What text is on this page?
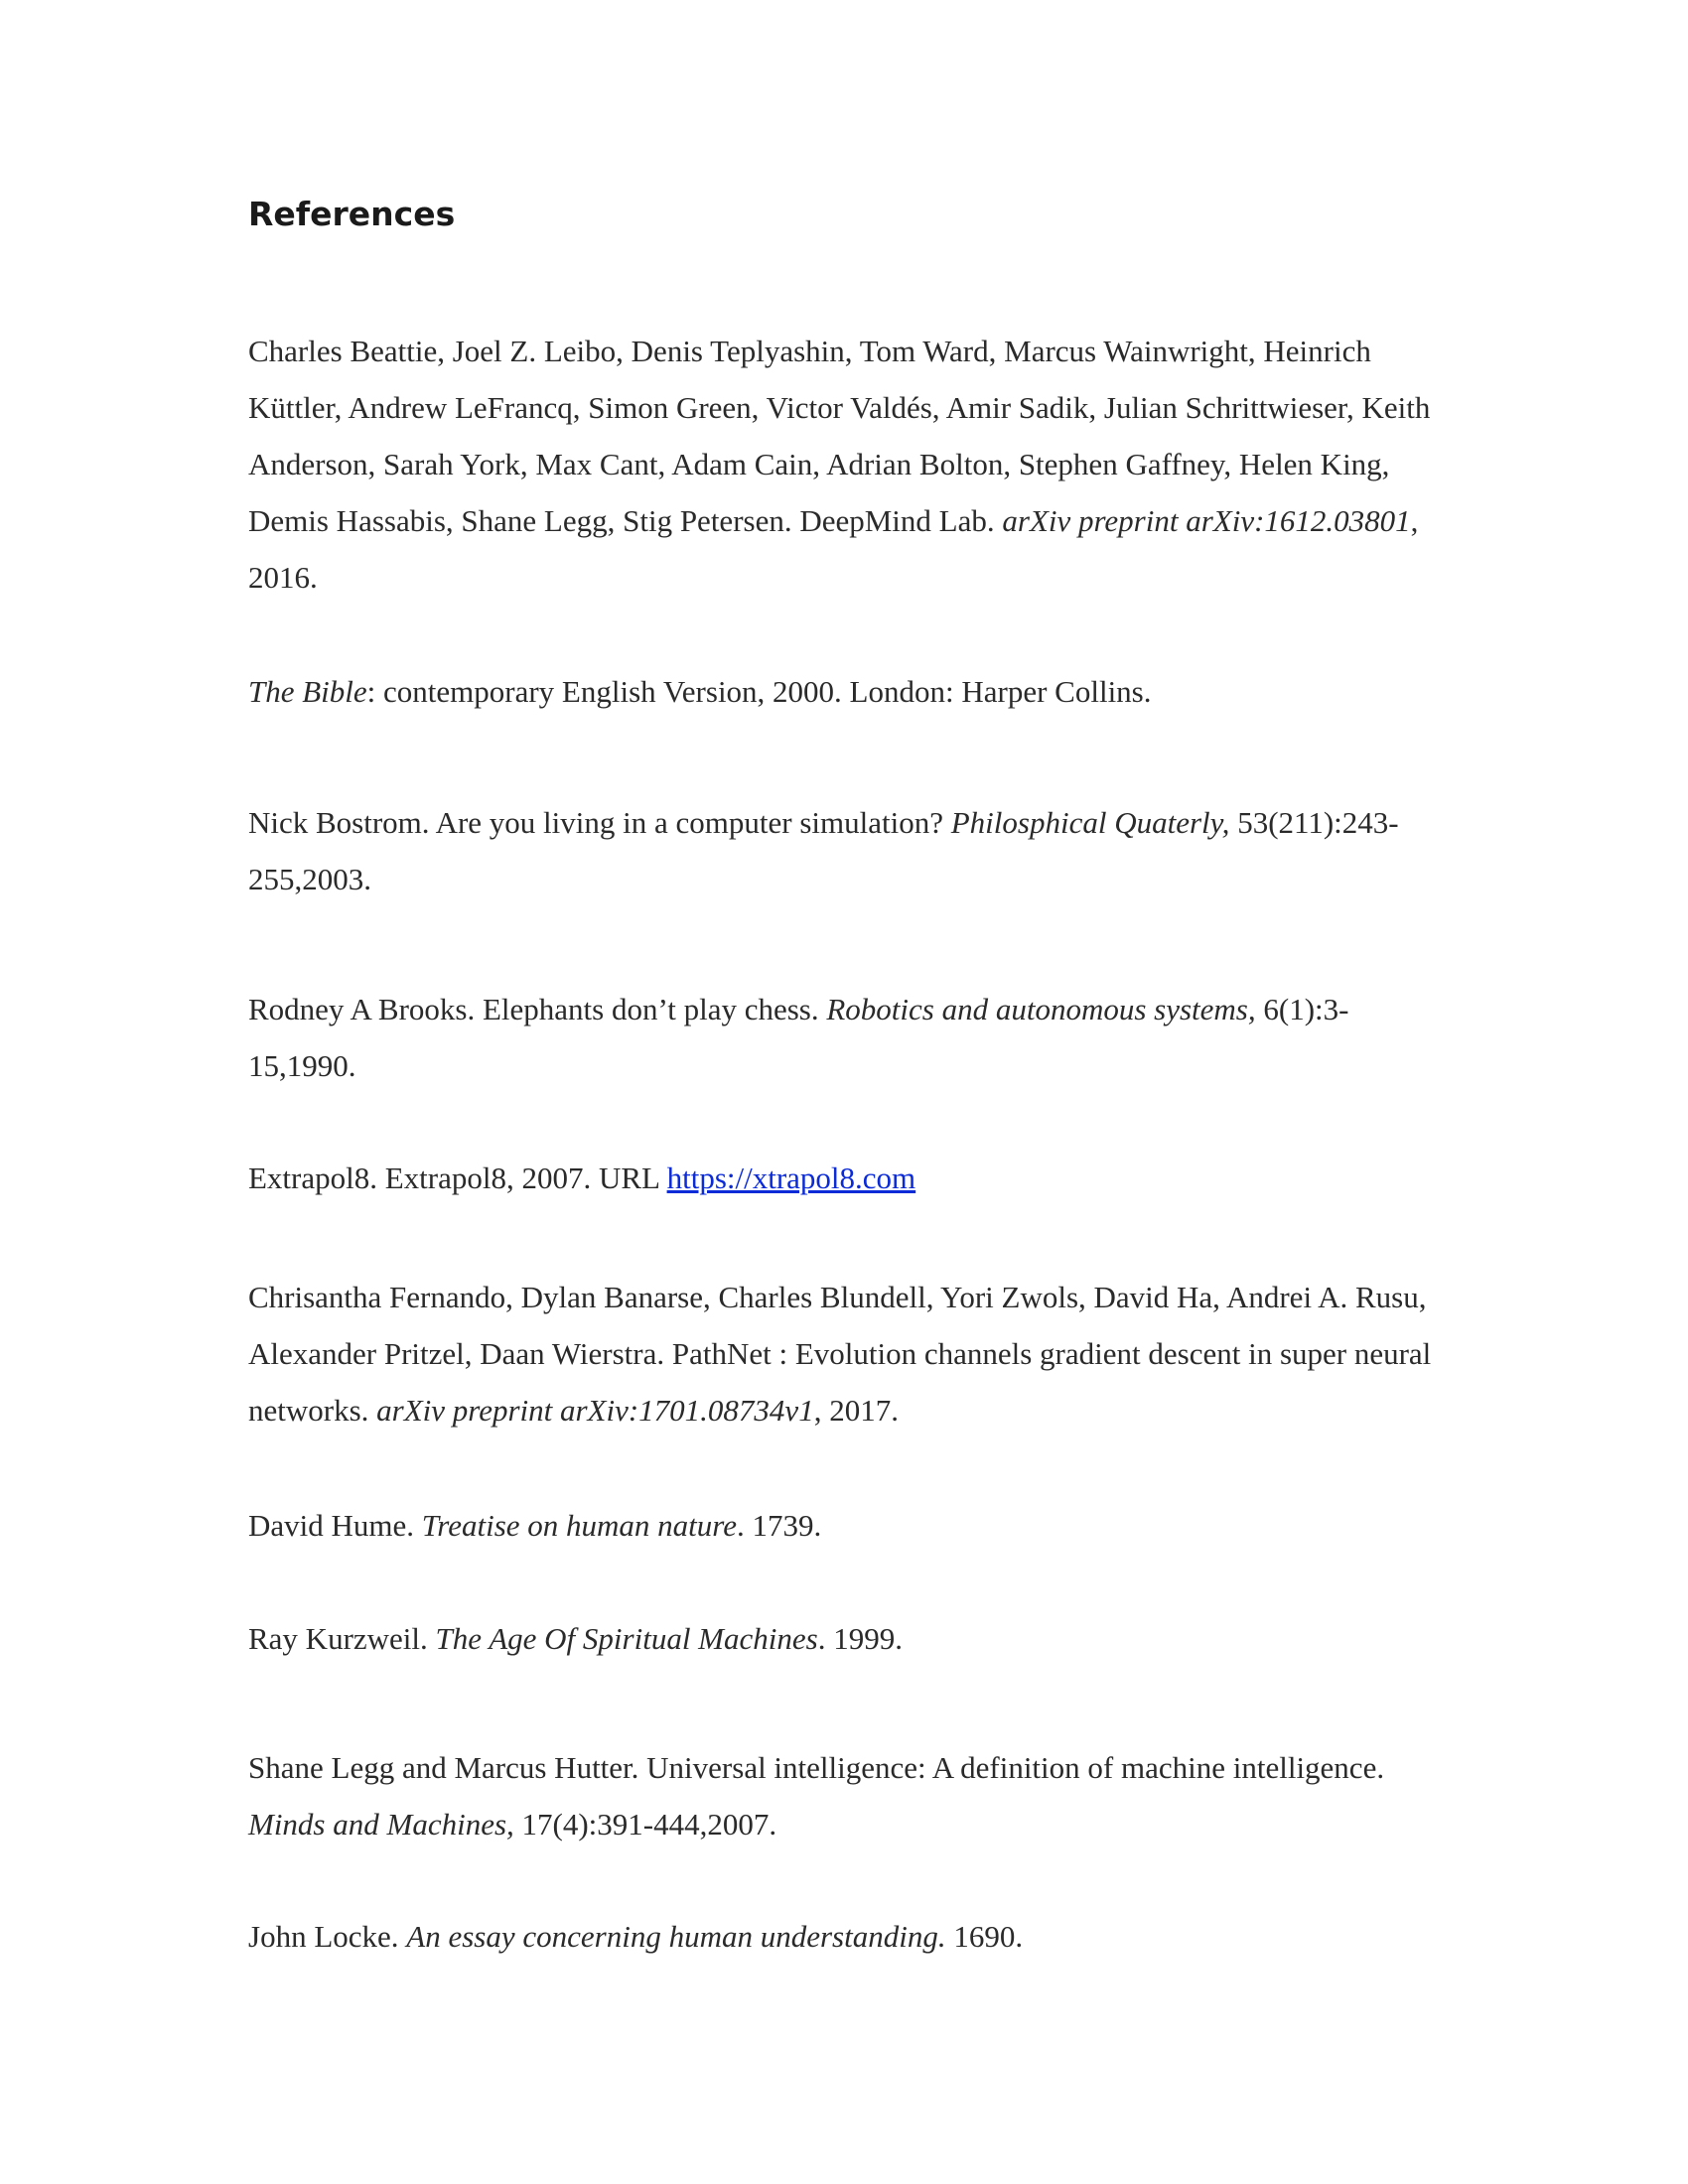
References

Charles Beattie, Joel Z. Leibo, Denis Teplyashin, Tom Ward, Marcus Wainwright, Heinrich Küttler, Andrew LeFrancq, Simon Green, Victor Valdés, Amir Sadik, Julian Schrittwieser, Keith Anderson, Sarah York, Max Cant, Adam Cain, Adrian Bolton, Stephen Gaffney, Helen King, Demis Hassabis, Shane Legg, Stig Petersen. DeepMind Lab. arXiv preprint arXiv:1612.03801, 2016.

The Bible: contemporary English Version, 2000. London: Harper Collins.

Nick Bostrom. Are you living in a computer simulation? Philosphical Quaterly, 53(211):243-255,2003.

Rodney A Brooks. Elephants don’t play chess. Robotics and autonomous systems, 6(1):3-15,1990.

Extrapol8. Extrapol8, 2007. URL https://xtrapol8.com

Chrisantha Fernando, Dylan Banarse, Charles Blundell, Yori Zwols, David Ha, Andrei A. Rusu, Alexander Pritzel, Daan Wierstra. PathNet : Evolution channels gradient descent in super neural networks. arXiv preprint arXiv:1701.08734v1, 2017.

David Hume. Treatise on human nature. 1739.

Ray Kurzweil. The Age Of Spiritual Machines. 1999.

Shane Legg and Marcus Hutter. Universal intelligence: A definition of machine intelligence. Minds and Machines, 17(4):391-444,2007.

John Locke. An essay concerning human understanding. 1690.
